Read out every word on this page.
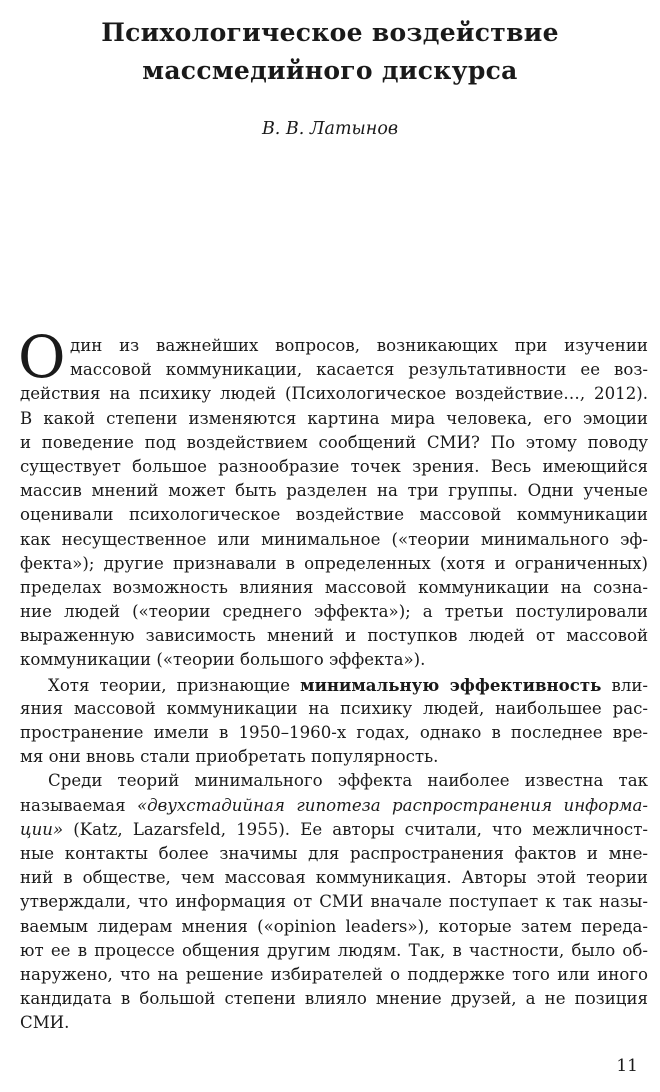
Психологическое воздействие
массмедийного дискурса
В. В. Латынов
О дин из важнейших вопросов, возникающих при изучении
массовой коммуникации, касается результативности ее воз-
действия на психику людей (Психологическое воздействие…, 2012).
В какой степени изменяются картина мира человека, его эмоции
и поведение под воздействием сообщений СМИ? По этому поводу
существует большое разнообразие точек зрения. Весь имеющийся
массив мнений может быть разделен на три группы. Одни ученые
оценивали психологическое воздействие массовой коммуникации
как несущественное или минимальное («теории минимального эф-
фекта»); другие признавали в определенных (хотя и ограниченных)
пределах возможность влияния массовой коммуникации на созна-
ние людей («теории среднего эффекта»); а третьи постулировали
выраженную зависимость мнений и поступков людей от массовой
коммуникации («теории большого эффекта»).
Хотя теории, признающие минимальную эффективность вли-
яния массовой коммуникации на психику людей, наибольшее рас-
пространение имели в 1950–1960-х годах, однако в последнее вре-
мя они вновь стали приобретать популярность.
Среди теорий минимального эффекта наиболее известна так
называемая «двухстадийная гипотеза распространения информа-
ции» (Katz, Lazarsfeld, 1955). Ее авторы считали, что межличност-
ные контакты более значимы для распространения фактов и мне-
ний в обществе, чем массовая коммуникация. Авторы этой теории
утверждали, что информация от СМИ вначале поступает к так назы-
ваемым лидерам мнения («opinion leaders»), которые затем переда-
ют ее в процессе общения другим людям. Так, в частности, было об-
наружено, что на решение избирателей о поддержке того или иного
кандидата в большой степени влияло мнение друзей, а не позиция
СМИ.
11
